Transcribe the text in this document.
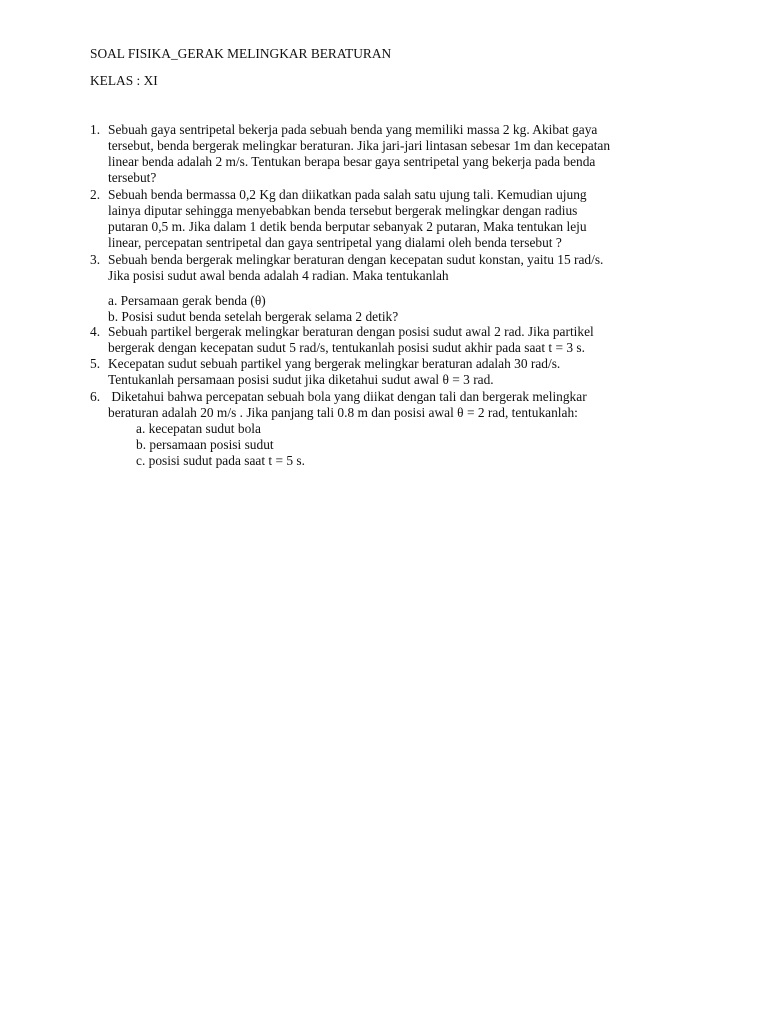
SOAL FISIKA_GERAK MELINGKAR BERATURAN

KELAS : XI

1. Sebuah gaya sentripetal bekerja pada sebuah benda yang memiliki massa 2 kg. Akibat gaya
tersebut, benda bergerak melingkar beraturan. Jika jari-jari lintasan sebesar 1m dan kecepatan
linear benda adalah 2 m/s. Tentukan berapa besar gaya sentripetal yang bekerja pada benda
tersebut?
2. Sebuah benda bermassa 0,2 Kg dan diikatkan pada salah satu ujung tali. Kemudian ujung
lainya diputar sehingga menyebabkan benda tersebut bergerak melingkar dengan radius
putaran 0,5 m. Jika dalam 1 detik benda berputar sebanyak 2 putaran, Maka tentukan leju
linear, percepatan sentripetal dan gaya sentripetal yang dialami oleh benda tersebut ?
3. Sebuah benda bergerak melingkar beraturan dengan kecepatan sudut konstan, yaitu 15 rad/s.
Jika posisi sudut awal benda adalah 4 radian. Maka tentukanlah
a. Persamaan gerak benda (θ)
b. Posisi sudut benda setelah bergerak selama 2 detik?
4. Sebuah partikel bergerak melingkar beraturan dengan posisi sudut awal 2 rad. Jika partikel
bergerak dengan kecepatan sudut 5 rad/s, tentukanlah posisi sudut akhir pada saat t = 3 s.
5. Kecepatan sudut sebuah partikel yang bergerak melingkar beraturan adalah 30 rad/s.
Tentukanlah persamaan posisi sudut jika diketahui sudut awal θ = 3 rad.
6. Diketahui bahwa percepatan sebuah bola yang diikat dengan tali dan bergerak melingkar
beraturan adalah 20 m/s . Jika panjang tali 0.8 m dan posisi awal θ = 2 rad, tentukanlah:
a. kecepatan sudut bola
b. persamaan posisi sudut
c. posisi sudut pada saat t = 5 s.
